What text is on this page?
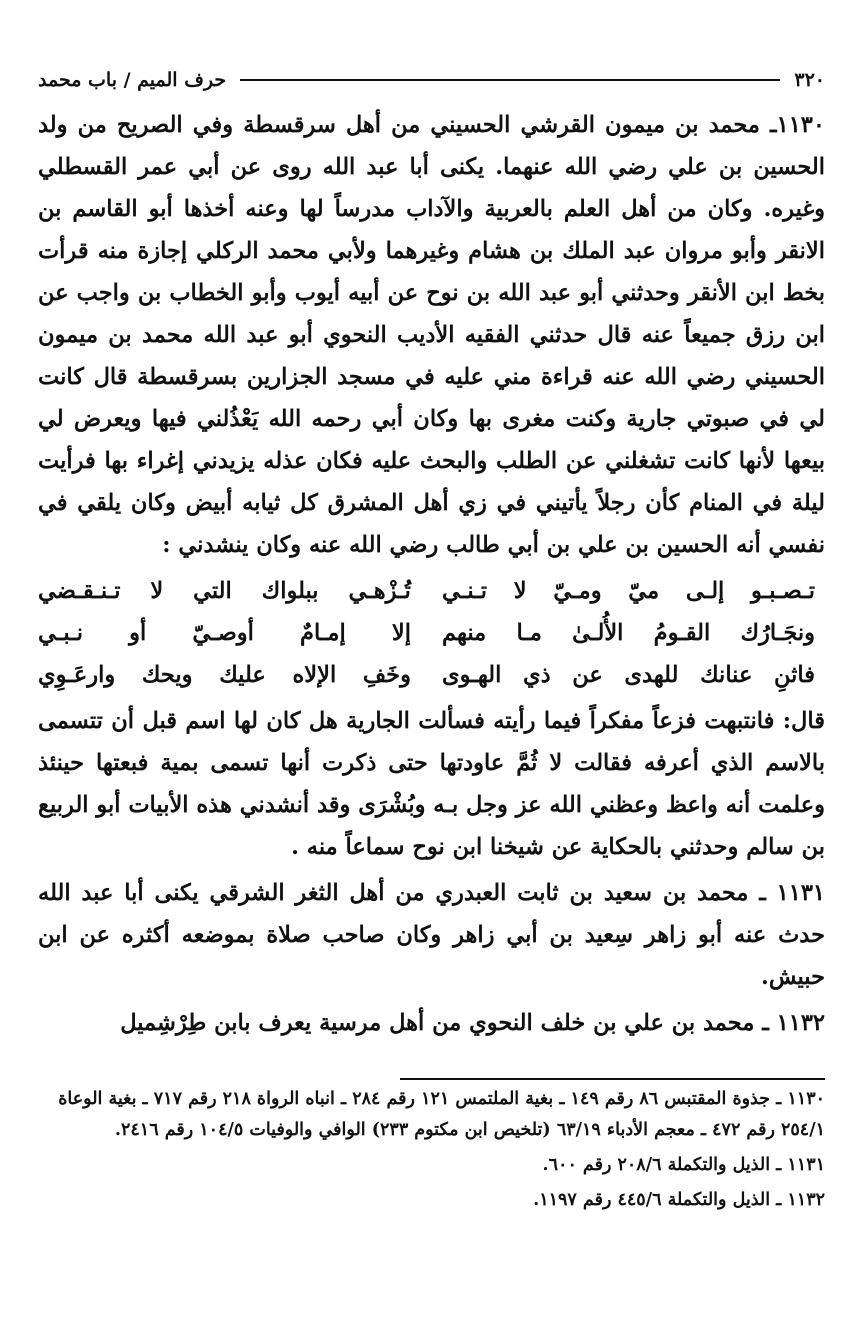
٣٢٠
حرف الميم / باب محمد

١١٣٠ـ محمد بن ميمون القرشي الحسيني من أهل سرقسطة وفي الصريح من ولد الحسين بن علي رضي الله عنهما. يكنى أبا عبد الله روى عن أبي عمر القسطلي وغيره. وكان من أهل العلم بالعربية والآداب مدرساً لها وعنه أخذها أبو القاسم بن الانقر وأبو مروان عبد الملك بن هشام وغيرهما ولأبي محمد الركلي إجازة منه قرأت بخط ابن الأنقر وحدثني أبو عبد الله بن نوح عن أبيه أيوب وأبو الخطاب بن واجب عن ابن رزق جميعاً عنه قال حدثني الفقيه الأديب النحوي أبو عبد الله محمد بن ميمون الحسيني رضي الله عنه قراءة مني عليه في مسجد الجزارين بسرقسطة قال كانت لي في صبوتي جارية وكنت مغرى بها وكان أبي رحمه الله يَعْذُلني فيها ويعرض لي بيعها لأنها كانت تشغلني عن الطلب والبحث عليه فكان عذله يزيدني إغراء بها فرأيت ليلة في المنام كأن رجلاً يأتيني في زي أهل المشرق كل ثيابه أبيض وكان يلقي في نفسي أنه الحسين بن علي بن أبي طالب رضي الله عنه وكان ينشدني :

تـصـبـو إلـى ميّ ومـيّ لا تـنـي
تُـزْهـي ببلواك التي لا تـنـقـضي
ونجَـارُك القـومُ الأُلـىٰ مـا منهم
إلا إمـامٌ أوصـيّ أو نـبـي
فاثنِ عنانك للهدى عن ذي الهـوى
وخَفِ الإلاه عليك ويحك وارعَـوِي

قال: فانتبهت فزعاً مفكراً فيما رأيته فسألت الجارية هل كان لها اسم قبل أن تتسمى بالاسم الذي أعرفه فقالت لا ثُمَّ عاودتها حتى ذكرت أنها تسمى بمية فبعتها حينئذ وعلمت أنه واعظ وعظني الله عز وجل بـه وبُشْرَى وقد أنشدني هذه الأبيات أبو الربيع بن سالم وحدثني بالحكاية عن شيخنا ابن نوح سماعاً منه .

١١٣١ ـ محمد بن سعيد بن ثابت العبدري من أهل الثغر الشرقي يكنى أبا عبد الله حدث عنه أبو زاهر سِعيد بن أبي زاهر وكان صاحب صلاة بموضعه أكثره عن ابن حبيش.

١١٣٢ ـ محمد بن علي بن خلف النحوي من أهل مرسية يعرف بابن طِرْشِميل

١١٣٠ ـ جذوة المقتبس ٨٦ رقم ١٤٩ ـ بغية الملتمس ١٢١ رقم ٢٨٤ ـ انباه الرواة ٢١٨ رقم ٧١٧ ـ بغية الوعاة ٢٥٤/١ رقم ٤٧٢ ـ معجم الأدباء ٦٣/١٩ (تلخيص ابن مكتوم ٢٣٣) الوافي والوفيات ١٠٤/٥ رقم ٢٤١٦.

١١٣١ ـ الذيل والتكملة ٢٠٨/٦ رقم ٦٠٠.

١١٣٢ ـ الذيل والتكملة ٤٤٥/٦ رقم ١١٩٧.
